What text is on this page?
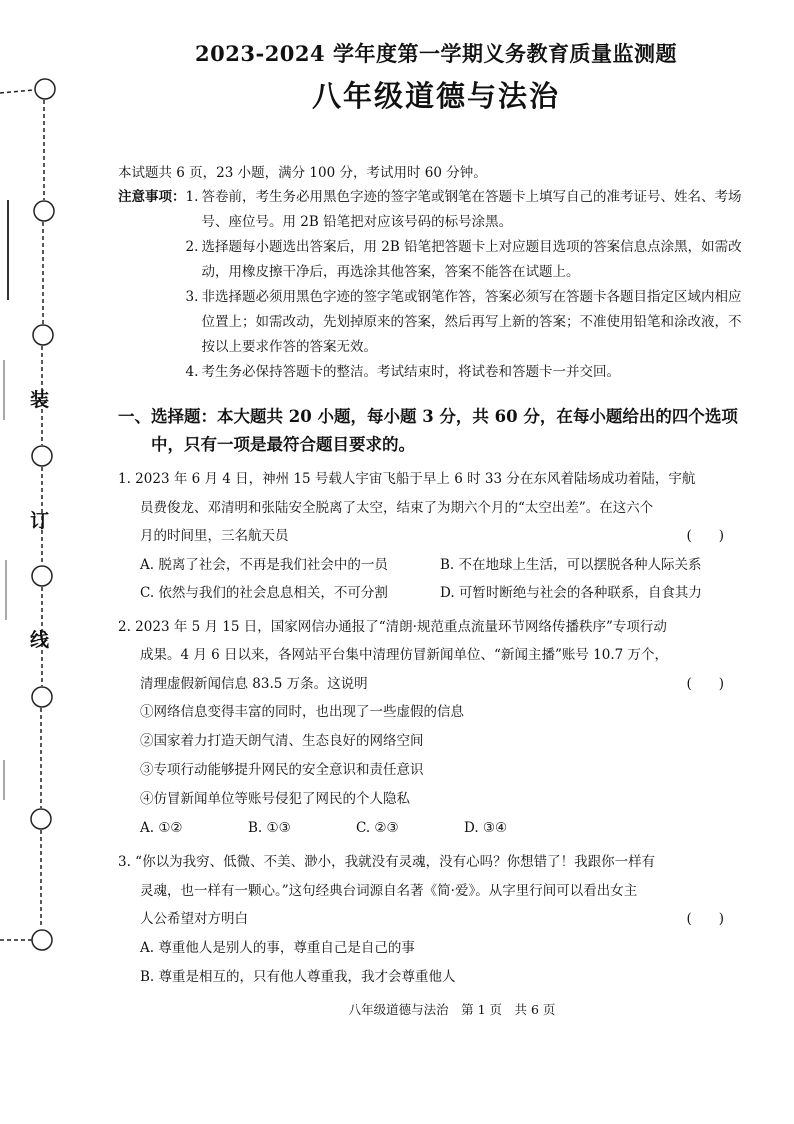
装
订
线
2023-2024 学年度第一学期义务教育质量监测题
八年级道德与法治
本试题共 6 页，23 小题，满分 100 分，考试用时 60 分钟。
注意事项： 1. 答卷前，考生务必用黑色字迹的签字笔或钢笔在答题卡上填写自己的准考证号、姓名、考场号、座位号。用 2B 铅笔把对应该号码的标号涂黑。
2. 选择题每小题选出答案后，用 2B 铅笔把答题卡上对应题目选项的答案信息点涂黑，如需改动，用橡皮擦干净后，再选涂其他答案，答案不能答在试题上。
3. 非选择题必须用黑色字迹的签字笔或钢笔作答，答案必须写在答题卡各题目指定区域内相应位置上；如需改动，先划掉原来的答案，然后再写上新的答案；不准使用铅笔和涂改液，不按以上要求作答的答案无效。
4. 考生务必保持答题卡的整洁。考试结束时，将试卷和答题卡一并交回。
一、 选择题：本大题共 20 小题，每小题 3 分，共 60 分，在每小题给出的四个选项中，只有一项是最符合题目要求的。
1. 2023 年 6 月 4 日，神州 15 号载人宇宙飞船于早上 6 时 33 分在东风着陆场成功着陆，宇航
员费俊龙、邓清明和张陆安全脱离了太空，结束了为期六个月的“太空出差”。在这六个
月的时间里，三名航天员	(　　)
A. 脱离了社会，不再是我们社会中的一员	B. 不在地球上生活，可以摆脱各种人际关系
C. 依然与我们的社会息息相关，不可分割	D. 可暂时断绝与社会的各种联系，自食其力
2. 2023 年 5 月 15 日，国家网信办通报了“清朗·规范重点流量环节网络传播秩序”专项行动
成果。4 月 6 日以来，各网站平台集中清理仿冒新闻单位、“新闻主播”账号 10.7 万个，
清理虚假新闻信息 83.5 万条。这说明	(　　)
①网络信息变得丰富的同时，也出现了一些虚假的信息
②国家着力打造天朗气清、生态良好的网络空间
③专项行动能够提升网民的安全意识和责任意识
④仿冒新闻单位等账号侵犯了网民的个人隐私
A. ①②	B. ①③	C. ②③	D. ③④
3. “你以为我穷、低微、不美、渺小，我就没有灵魂，没有心吗？你想错了！我跟你一样有
灵魂，也一样有一颗心。”这句经典台词源自名著《简·爱》。从字里行间可以看出女主
人公希望对方明白	(　　)
A. 尊重他人是别人的事，尊重自己是自己的事
B. 尊重是相互的，只有他人尊重我，我才会尊重他人
八年级道德与法治　第 1 页　共 6 页
